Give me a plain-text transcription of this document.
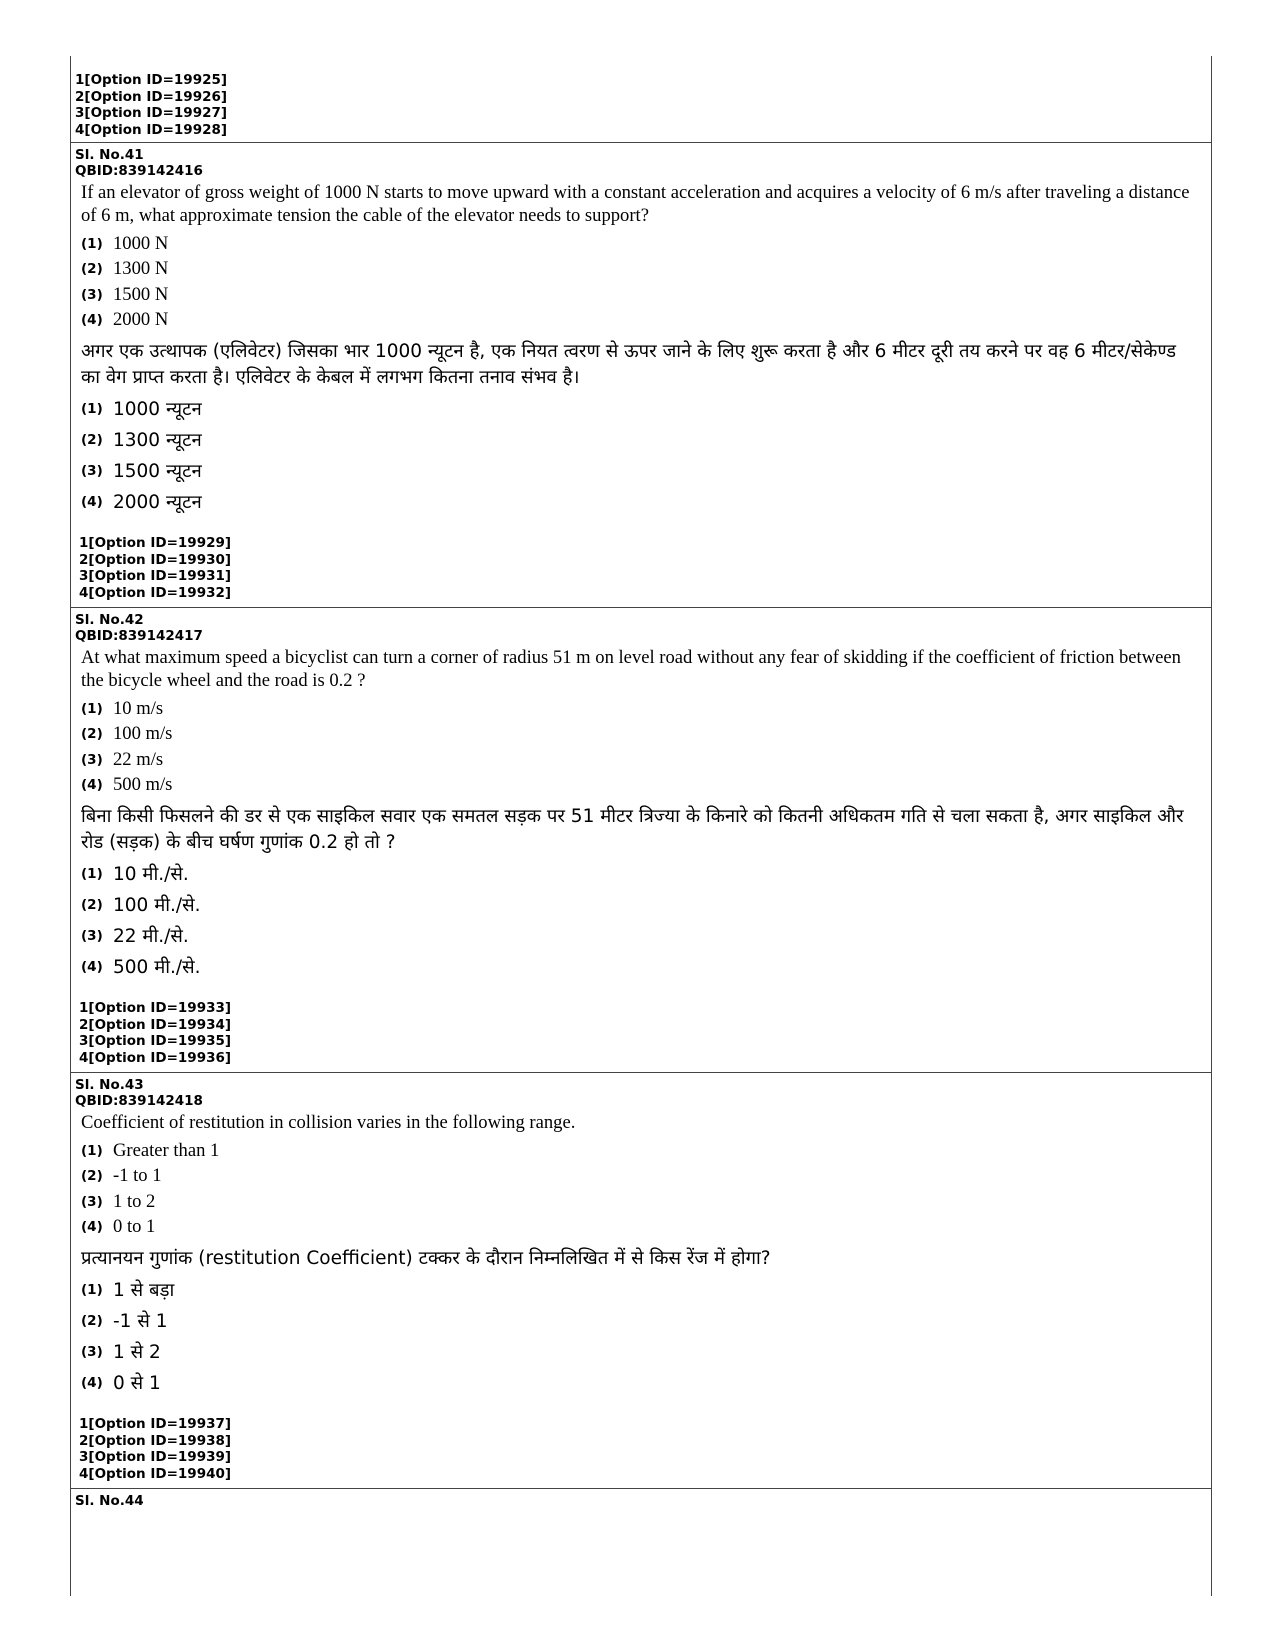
1[Option ID=19925]
2[Option ID=19926]
3[Option ID=19927]
4[Option ID=19928]
Sl. No.41
QBID:839142416
If an elevator of gross weight of 1000 N starts to move upward with a constant acceleration and acquires a velocity of 6 m/s after traveling a distance of 6 m, what approximate tension the cable of the elevator needs to support?
(1) 1000 N
(2) 1300 N
(3) 1500 N
(4) 2000 N
अगर एक उत्थापक (एलिवेटर) जिसका भार 1000 न्यूटन है, एक नियत त्वरण से ऊपर जाने के लिए शुरू करता है और 6 मीटर दूरी तय करने पर वह 6 मीटर/सेकेण्ड का वेग प्राप्त करता है। एलिवेटर के केबल में लगभग कितना तनाव संभव है।
(1) 1000 न्यूटन
(2) 1300 न्यूटन
(3) 1500 न्यूटन
(4) 2000 न्यूटन
1[Option ID=19929]
2[Option ID=19930]
3[Option ID=19931]
4[Option ID=19932]
Sl. No.42
QBID:839142417
At what maximum speed a bicyclist can turn a corner of radius 51 m on level road without any fear of skidding if the coefficient of friction between the bicycle wheel and the road is 0.2 ?
(1) 10 m/s
(2) 100 m/s
(3) 22 m/s
(4) 500 m/s
बिना किसी फिसलने की डर से एक साइकिल सवार एक समतल सड़क पर 51 मीटर त्रिज्या के किनारे को कितनी अधिकतम गति से चला सकता है, अगर साइकिल और रोड (सड़क) के बीच घर्षण गुणांक 0.2 हो तो ?
(1) 10 मी./से.
(2) 100 मी./से.
(3) 22 मी./से.
(4) 500 मी./से.
1[Option ID=19933]
2[Option ID=19934]
3[Option ID=19935]
4[Option ID=19936]
Sl. No.43
QBID:839142418
Coefficient of restitution in collision varies in the following range.
(1) Greater than 1
(2) -1 to 1
(3) 1 to 2
(4) 0 to 1
प्रत्यानयन गुणांक (restitution Coefficient) टक्कर के दौरान निम्नलिखित में से किस रेंज में होगा?
(1) 1 से बड़ा
(2) -1 से 1
(3) 1 से 2
(4) 0 से 1
1[Option ID=19937]
2[Option ID=19938]
3[Option ID=19939]
4[Option ID=19940]
Sl. No.44
